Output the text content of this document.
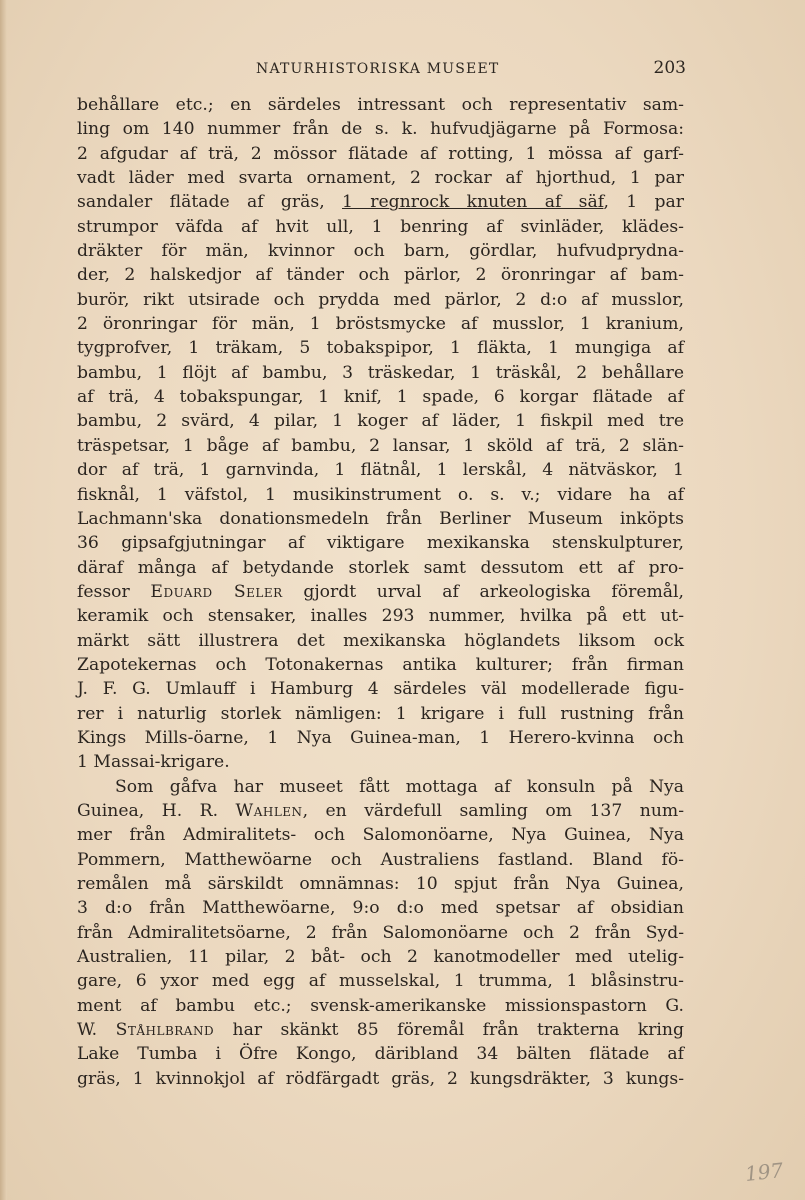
NATURHISTORISKA MUSEET	203
behållare etc.; en särdeles intressant och representativ sam-
ling om 140 nummer från de s. k. hufvudjägarne på Formosa:
2 afgudar af trä, 2 mössor flätade af rotting, 1 mössa af garf-
vadt läder med svarta ornament, 2 rockar af hjorthud, 1 par
sandaler flätade af gräs, 1 regnrock knuten af säf, 1 par
strumpor väfda af hvit ull, 1 benring af svinläder, klädes-
dräkter för män, kvinnor och barn, gördlar, hufvudprydna-
der, 2 halskedjor af tänder och pärlor, 2 öronringar af bam-
burör, rikt utsirade och prydda med pärlor, 2 d:o af musslor,
2 öronringar för män, 1 bröstsmycke af musslor, 1 kranium,
tygprofver, 1 träkam, 5 tobakspipor, 1 fläkta, 1 mungiga af
bambu, 1 flöjt af bambu, 3 träskedar, 1 träskål, 2 behållare
af trä, 4 tobakspungar, 1 knif, 1 spade, 6 korgar flätade af
bambu, 2 svärd, 4 pilar, 1 koger af läder, 1 fiskpil med tre
träspetsar, 1 båge af bambu, 2 lansar, 1 sköld af trä, 2 slän-
dor af trä, 1 garnvinda, 1 flätnål, 1 lerskål, 4 nätväskor, 1
fisknål, 1 väfstol, 1 musikinstrument o. s. v.; vidare ha af
Lachmann'ska donationsmedeln från Berliner Museum inköpts
36 gipsafgjutningar af viktigare mexikanska stenskulpturer,
däraf många af betydande storlek samt dessutom ett af pro-
fessor Eduard Seler gjordt urval af arkeologiska föremål,
keramik och stensaker, inalles 293 nummer, hvilka på ett ut-
märkt sätt illustrera det mexikanska höglandets liksom ock
Zapotekernas och Totonakernas antika kulturer; från firman
J. F. G. Umlauff i Hamburg 4 särdeles väl modellerade figu-
rer i naturlig storlek nämligen: 1 krigare i full rustning från
Kings Mills-öarne, 1 Nya Guinea-man, 1 Herero-kvinna och
1 Massai-krigare.
Som gåfva har museet fått mottaga af konsuln på Nya
Guinea, H. R. Wahlen, en värdefull samling om 137 num-
mer från Admiralitets- och Salomonöarne, Nya Guinea, Nya
Pommern, Matthewöarne och Australiens fastland. Bland fö-
remålen må särskildt omnämnas: 10 spjut från Nya Guinea,
3 d:o från Matthewöarne, 9:o d:o med spetsar af obsidian
från Admiralitetsöarne, 2 från Salomonöarne och 2 från Syd-
Australien, 11 pilar, 2 båt- och 2 kanotmodeller med utelig-
gare, 6 yxor med egg af musselskal, 1 trumma, 1 blåsinstru-
ment af bambu etc.; svensk-amerikanske missionspastorn G.
W. Ståhlbrand har skänkt 85 föremål från trakterna kring
Lake Tumba i Öfre Kongo, däribland 34 bälten flätade af
gräs, 1 kvinnokjol af rödfärgadt gräs, 2 kungsdräkter, 3 kungs-
197
